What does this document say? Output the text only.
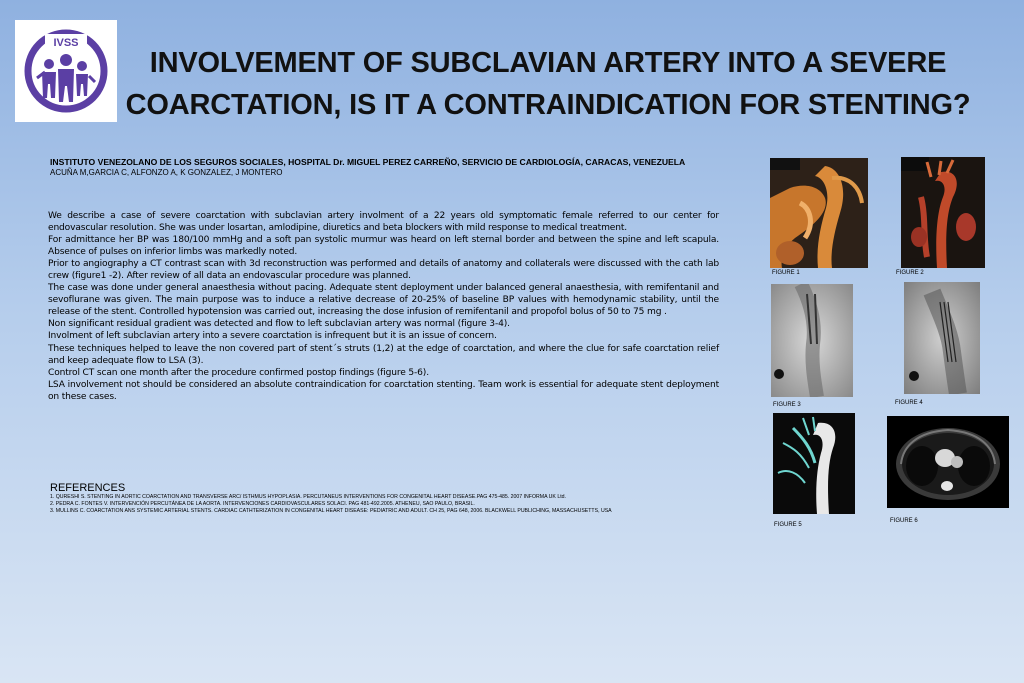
IVSS
INVOLVEMENT OF SUBCLAVIAN ARTERY INTO A SEVERE
COARCTATION, IS IT A CONTRAINDICATION FOR STENTING?
INSTITUTO VENEZOLANO DE LOS SEGUROS SOCIALES, HOSPITAL Dr. MIGUEL PEREZ CARREÑO, SERVICIO DE CARDIOLOGÍA, CARACAS, VENEZUELA
ACUÑA M,GARCIA C, ALFONZO A, K GONZALEZ, J MONTERO

We describe a case of severe coarctation with subclavian artery involment of a 22 years old symptomatic female referred to our center for endovascular resolution. She was under losartan, amlodipine, diuretics and beta blockers with mild response to medical treatment.

For admittance her BP was 180/100 mmHg and a soft pan systolic murmur was heard on left sternal border and between the spine and left scapula. Absence of pulses on inferior limbs was markedly noted.

Prior to angiography a CT contrast scan with 3d reconstruction was performed and details of anatomy and collaterals were discussed with the cath lab crew (figure1 -2). After review of all data an endovascular procedure was planned.

The case was done under general anaesthesia without pacing. Adequate stent deployment under balanced general anaesthesia, with remifentanil and sevoflurane was given. The main purpose was to induce a relative decrease of 20-25% of baseline BP values with hemodynamic stability, until the release of the stent. Controlled hypotension was carried out, increasing the dose infusion of remifentanil and propofol bolus of 50 to 75 mg .

Non significant residual gradient was detected and flow to left subclavian artery was normal (figure 3-4).

Involment of left subclavian artery into a severe coarctation is infrequent but it is an issue of concern.

These techniques helped to leave the non covered part of stent´s struts (1,2) at the edge of coarctation, and where the clue for safe coarctation relief and keep adequate flow to LSA (3).

Control CT scan one month after the procedure confirmed postop findings (figure 5-6).

LSA involvement not should be considered an absolute contraindication for coarctation stenting. Team work is essential for adequate stent deployment on these cases.

REFERENCES
1. QURESHI S. STENTING IN AORTIC COARCTATION AND TRANSVERSE ARC/ ISTHMUS HYPOPLASIA. PERCUTANEUS INTERVENTIONS FOR CONGENITAL HEART DISEASE.PAG 475-485. 2007 INFORMA UK Ltd.
2. PEDRA C. FONTES V. INTERVENCIÓN PERCUTÁNEA DE LA AORTA. INTERVENCIONES CARDIOVASCULARES SOLACI. PAG 481-492.2005. ATHENEU, SAO PAULO, BRASIL.
3. MULLINS C. COARCTATION ANS SYSTEMIC ARTERIAL STENTS. CARDIAC CATHTERIZATION IN CONGENITAL HEART DISEASE: PEDIATRIC AND ADULT. CH 25, PAG 648, 2006. BLACKWELL PUBLICHING, MASSACHUSETTS, USA
FIGURE 1	FIGURE 2
FIGURE 3	FIGURE 4
FIGURE 5
FIGURE 6
